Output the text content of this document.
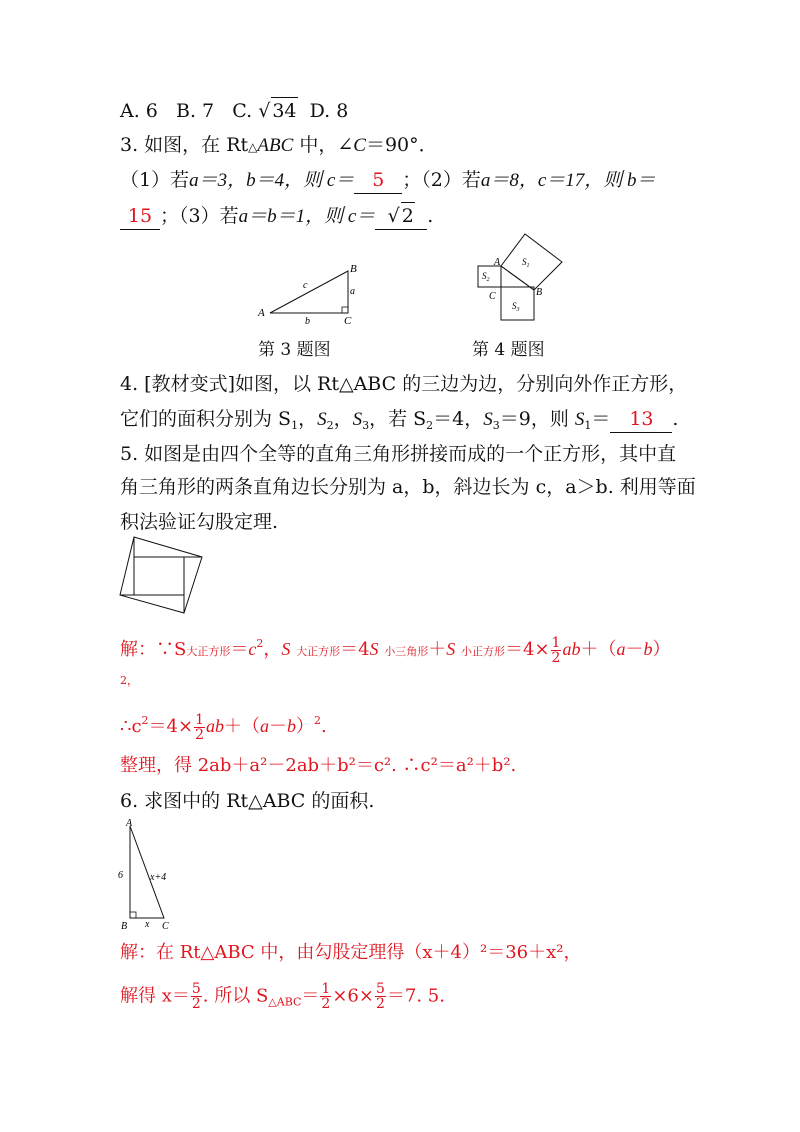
A. 6 B. 7 C. √ 34 D. 8
3. 如图，在 Rt△ABC 中，∠C＝90°．
（1）若a＝3，b＝4，则 c＝ 5 ；（2）若a＝8，c＝17，则 b＝
15 ；（3）若a＝b＝1，则 c＝ √ 2 .
A
B
C
a
b
c
第 3 题图
A
B
C
$S_1$
$S_2$
$S_3$
第 4 题图
4. [教材变式]如图，以 Rt△ABC 的三边为边，分别向外作正方形，
它们的面积分别为 $S_1$，$S_2$，$S_3$，若 $S_2=4$，$S_3=9$，则 $S_1= 13$ .
5. 如图是由四个全等的直角三角形拼接而成的一个正方形，其中直
角三角形的两条直角边长分别为 a，b，斜边长为 c，a＞b. 利用等面
积法验证勾股定理.
解：∵S大正方形$=c^2$，S 大正方形＝4S 小三角形＋S 小正方形$=4\times \frac{1}{2} ab+(a-b)$
2，
$\therefore c^2=4\times \frac{1}{2} ab+(a-b)^2$.
整理，得 2ab＋a²－2ab＋b²＝c². ∴c²＝a²＋b².
6. 求图中的 Rt△ABC 的面积.
A
B	C
6	x+4
x
解：在 Rt△ABC 中，由勾股定理得（x＋4）²＝36＋x²，
解得 $x= \frac{5}{2}$ . 所以 $S_{\triangle ABC}= \frac{1}{2} \times 6\times \frac{5}{2} =7$. 5.
